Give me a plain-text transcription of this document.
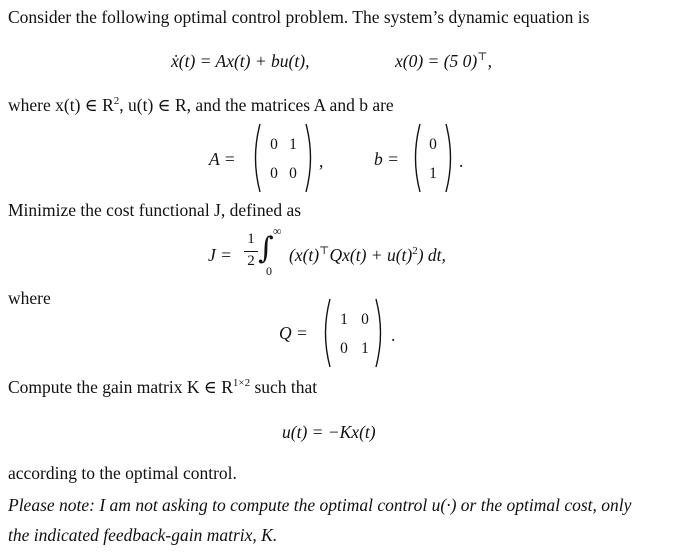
Consider the following optimal control problem. The system’s dynamic equation is
ẋ(t) = Ax(t) + bu(t),	x(0) = (5 0)⊤,
where x(t) ∈ $R^2$, u(t) ∈ R, and the matrices A and b are
A =
0 1
0 0
,	b =
0
1
.
Minimize the cost functional J, defined as
J =
1
2 ∫ ∞
0
$(x(t)^⊤Qx(t) + u(t)^2)$ dt,
where
Q =
1 0
0 1
.
Compute the gain matrix K ∈ $R^{1\times 2}$ such that
u(t) = −Kx(t)
according to the optimal control.
Please note: I am not asking to compute the optimal control u(·) or the optimal cost, only
the indicated feedback-gain matrix, K.
